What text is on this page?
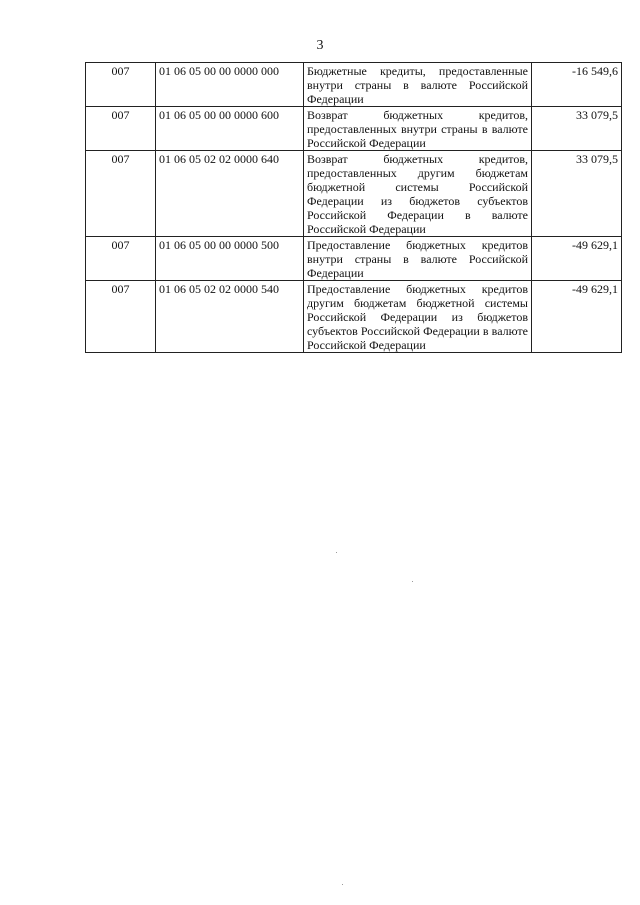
3
007	01 06 05 00 00 0000 000	Бюджетные кредиты, предоставленные внутри страны в валюте Российской Федерации	-16 549,6
007	01 06 05 00 00 0000 600	Возврат бюджетных кредитов, предоставленных внутри страны в валюте Российской Федерации	33 079,5
007	01 06 05 02 02 0000 640	Возврат бюджетных кредитов, предоставленных другим бюджетам бюджетной системы Российской Федерации из бюджетов субъектов Российской Федерации в валюте Российской Федерации	33 079,5
007	01 06 05 00 00 0000 500	Предоставление бюджетных кредитов внутри страны в валюте Российской Федерации	-49 629,1
007	01 06 05 02 02 0000 540	Предоставление бюджетных кредитов другим бюджетам бюджетной системы Российской Федерации из бюджетов субъектов Российской Федерации в валюте Российской Федерации	-49 629,1
